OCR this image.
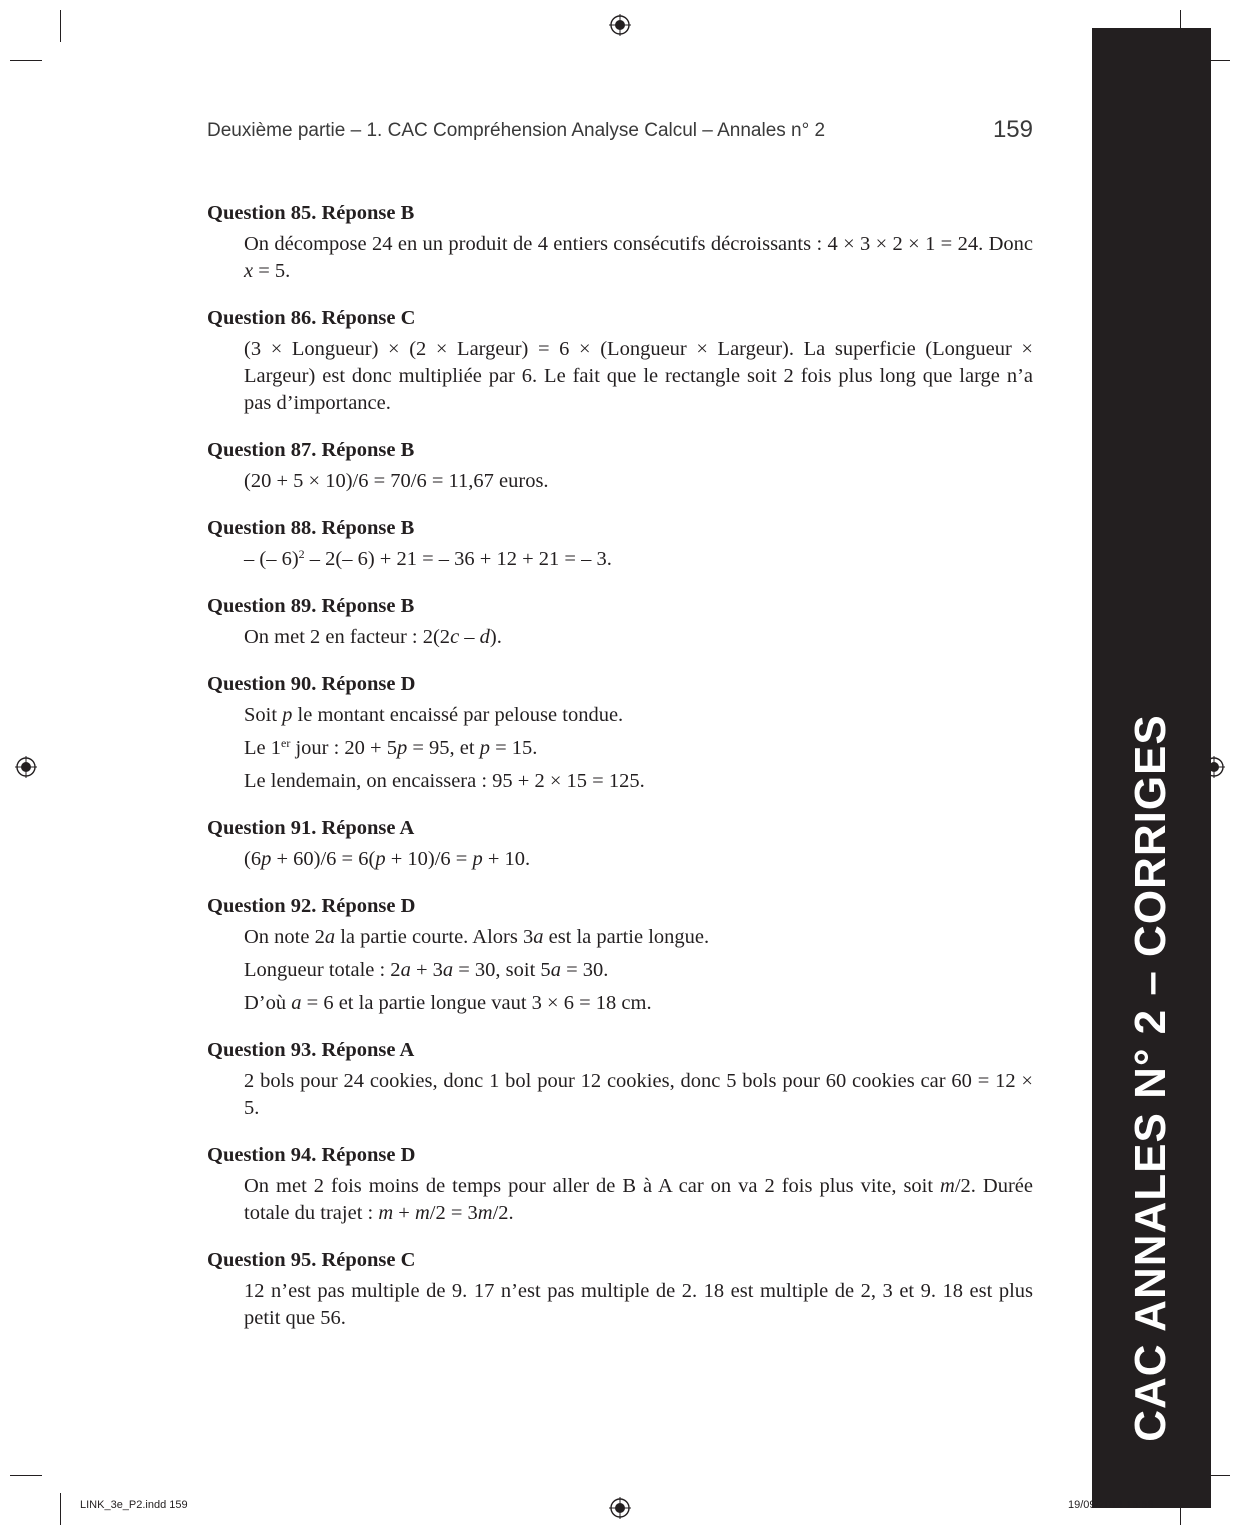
Deuxième partie – 1. CAC Compréhension Analyse Calcul – Annales n° 2	159
Question 85. Réponse B
On décompose 24 en un produit de 4 entiers consécutifs décroissants : 4 × 3 × 2 × 1 = 24. Donc x = 5.
Question 86. Réponse C
(3 × Longueur) × (2 × Largeur) = 6 × (Longueur × Largeur). La superficie (Longueur × Largeur) est donc multipliée par 6. Le fait que le rectangle soit 2 fois plus long que large n’a pas d’importance.
Question 87. Réponse B
(20 + 5 × 10)/6 = 70/6 = 11,67 euros.
Question 88. Réponse B
– (– 6)$^2$ – 2(– 6) + 21 = – 36 + 12 + 21 = – 3.
Question 89. Réponse B
On met 2 en facteur : 2(2c – d).
Question 90. Réponse D
Soit p le montant encaissé par pelouse tondue.
Le 1er jour : 20 + 5p = 95, et p = 15.
Le lendemain, on encaissera : 95 + 2 × 15 = 125.
Question 91. Réponse A
(6p + 60)/6 = 6(p + 10)/6 = p + 10.
Question 92. Réponse D
On note 2a la partie courte. Alors 3a est la partie longue.
Longueur totale : 2a + 3a = 30, soit 5a = 30.
D’où a = 6 et la partie longue vaut 3 × 6 = 18 cm.
Question 93. Réponse A
2 bols pour 24 cookies, donc 1 bol pour 12 cookies, donc 5 bols pour 60 cookies car 60 = 12 × 5.
Question 94. Réponse D
On met 2 fois moins de temps pour aller de B à A car on va 2 fois plus vite, soit m/2. Durée totale du trajet : m + m/2 = 3m/2.
Question 95. Réponse C
12 n’est pas multiple de 9. 17 n’est pas multiple de 2. 18 est multiple de 2, 3 et 9. 18 est plus petit que 56.	CAC ANNALES N° 2 – CORRIGES
LINK_3e_P2.indd 159	19/09/2014 15:56
